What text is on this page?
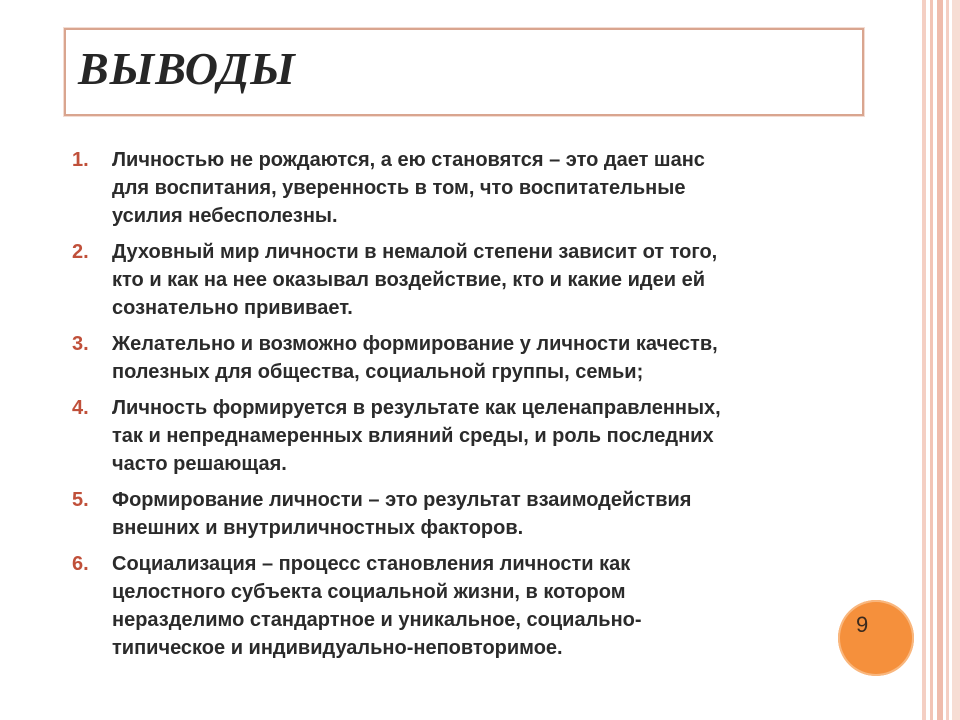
ВЫВОДЫ
1. Личностью не рождаются, а ею становятся – это дает шанс
для воспитания, уверенность в том, что воспитательные
усилия небесполезны.
2. Духовный мир личности в немалой степени зависит от того,
кто и как на нее оказывал воздействие, кто и какие идеи ей
сознательно прививает.
3. Желательно и возможно формирование у личности качеств,
полезных для общества, социальной группы, семьи;
4. Личность формируется в результате как целенаправленных,
так и непреднамеренных влияний среды, и роль последних
часто решающая.
5. Формирование личности – это результат взаимодействия
внешних и внутриличностных факторов.
6. Социализация – процесс становления личности как
целостного субъекта социальной жизни, в котором
неразделимо стандартное и уникальное, социально-
типическое и индивидуально-неповторимое.
9
